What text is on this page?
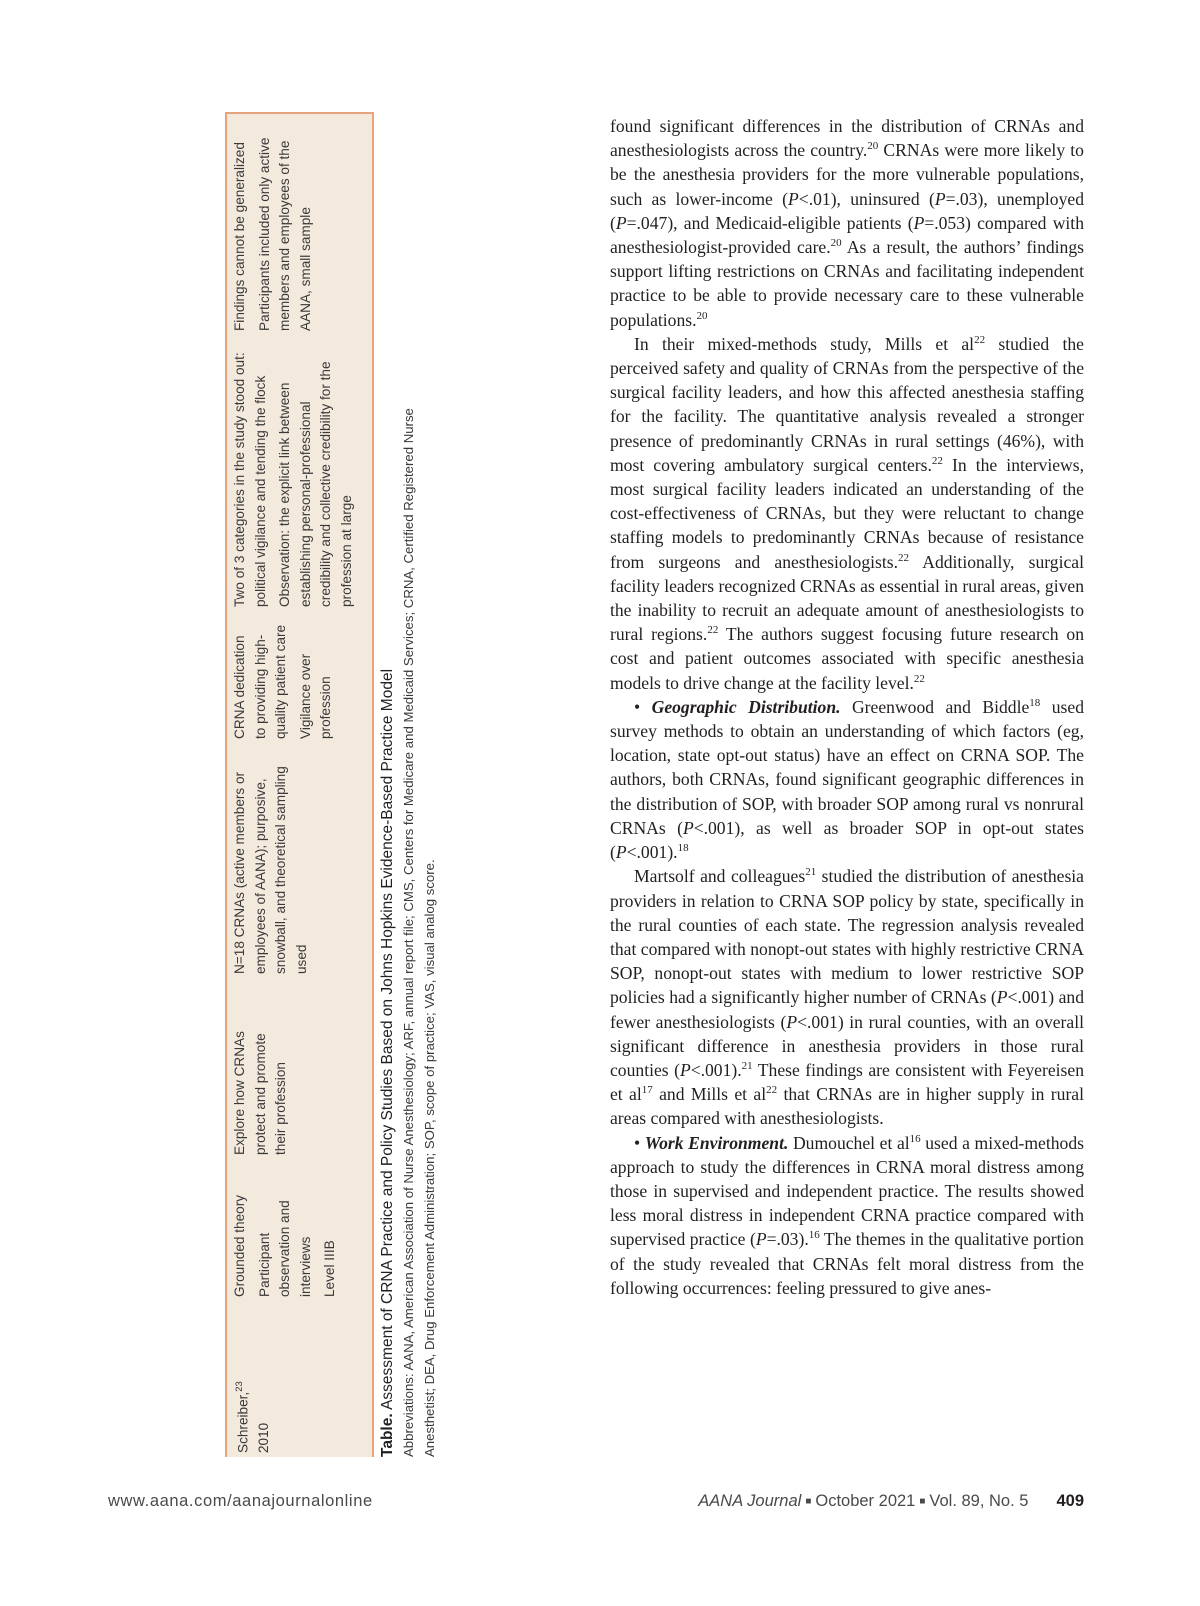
Schreiber,$^{23}$
2010
Grounded theory Participant observation and interviews Level IIIB
Explore how CRNAs protect and promote their profession
N=18 CRNAs (active members or employees of AANA); purposive, snowball, and theoretical sampling used
CRNA dedication to providing high-quality patient care Vigilance over profession
Two of 3 categories in the study stood out: political vigilance and tending the flock Observation: the explicit link between establishing personal-professional credibility and collective credibility for the profession at large
Findings cannot be generalized Participants included only active members and employees of the AANA, small sample
Table. Assessment of CRNA Practice and Policy Studies Based on Johns Hopkins Evidence-Based Practice Model Abbreviations: AANA, American Association of Nurse Anesthesiology; ARF, annual report file; CMS, Centers for Medicare and Medicaid Services; CRNA, Certified Registered Nurse Anesthetist; DEA, Drug Enforcement Administration; SOP, scope of practice; VAS, visual analog score.

found significant differences in the distribution of CRNAs and anesthesiologists across the country.$^{20}$ CRNAs were more likely to be the anesthesia providers for the more vulnerable populations, such as lower-income (P<.01), uninsured (P=.03), unemployed (P=.047), and Medicaid-eligible patients (P=.053) compared with anesthesiologist-provided care.$^{20}$ As a result, the authors’ findings support lifting restrictions on CRNAs and facilitating independent practice to be able to provide necessary care to these vulnerable populations.$^{20}$

In their mixed-methods study, Mills et $al^{22}$ studied the perceived safety and quality of CRNAs from the perspective of the surgical facility leaders, and how this affected anesthesia staffing for the facility. The quantitative analysis revealed a stronger presence of predominantly CRNAs in rural settings (46%), with most covering ambulatory surgical centers.$^{22}$ In the interviews, most surgical facility leaders indicated an understanding of the cost-effectiveness of CRNAs, but they were reluctant to change staffing models to predominantly CRNAs because of resistance from surgeons and anesthesiologists.$^{22}$ Additionally, surgical facility leaders recognized CRNAs as essential in rural areas, given the inability to recruit an adequate amount of anesthesiologists to rural regions.$^{22}$ The authors suggest focusing future research on cost and patient outcomes associated with specific anesthesia models to drive change at the facility level.$^{22}$

• Geographic Distribution. Greenwood and Biddle$^{18}$ used survey methods to obtain an understanding of which factors (eg, location, state opt-out status) have an effect on CRNA SOP. The authors, both CRNAs, found significant geographic differences in the distribution of SOP, with broader SOP among rural vs nonrural CRNAs (P<.001), as well as broader SOP in opt-out states (P<.001).$^{18}$

Martsolf and colleagues$^{21}$ studied the distribution of anesthesia providers in relation to CRNA SOP policy by state, specifically in the rural counties of each state. The regression analysis revealed that compared with nonopt-out states with highly restrictive CRNA SOP, nonopt-out states with medium to lower restrictive SOP policies had a significantly higher number of CRNAs (P<.001) and fewer anesthesiologists (P<.001) in rural counties, with an overall significant difference in anesthesia providers in those rural counties (P<.001).$^{21}$ These findings are consistent with Feyereisen et $al^{17}$ and Mills et $al^{22}$ that CRNAs are in higher supply in rural areas compared with anesthesiologists.

• Work Environment. Dumouchel et $al^{16}$ used a mixed-methods approach to study the differences in CRNA moral distress among those in supervised and independent practice. The results showed less moral distress in independent CRNA practice compared with supervised practice (P=.03).$^{16}$ The themes in the qualitative portion of the study revealed that CRNAs felt moral distress from the following occurrences: feeling pressured to give anes-

www.aana.com/aanajournalonline	AANA Journal ■ October 2021 ■ Vol. 89, No. 5 409
